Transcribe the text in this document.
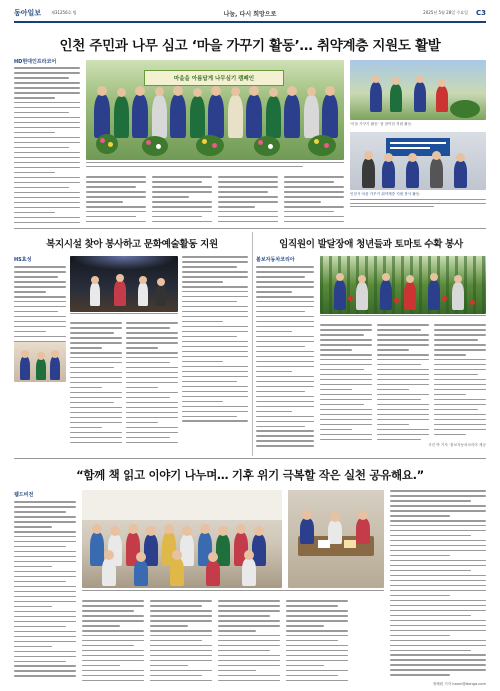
동아일보	제31256호 팀	나눔, 다시 희망으로	2025년 5월 28일 수요일 C3
인천 주민과 나무 심고 ‘마을 가꾸기 활동’… 취약계층 지원도 활발
HD현대인프라코어
마을을 아름답게 나무심기 캠페인
‘마을 가꾸기 활동’ 참 참여한 직원 활동.
인천시 마을 가꾸기 취약계층 지원 봉사 활동.
복지시설 찾아 봉사하고 문화예술활동 지원
HS효성
임직원이 발달장애 청년들과 토마토 수확 봉사
볼보자동차코리아
사진 박 기자 ·볼보자동차코리아 제공
“함께 책 읽고 이야기 나누며… 기후 위기 극복할 작은 실천 공유해요.”
웹드비전
정혜원 기자 hanni@donga.com
